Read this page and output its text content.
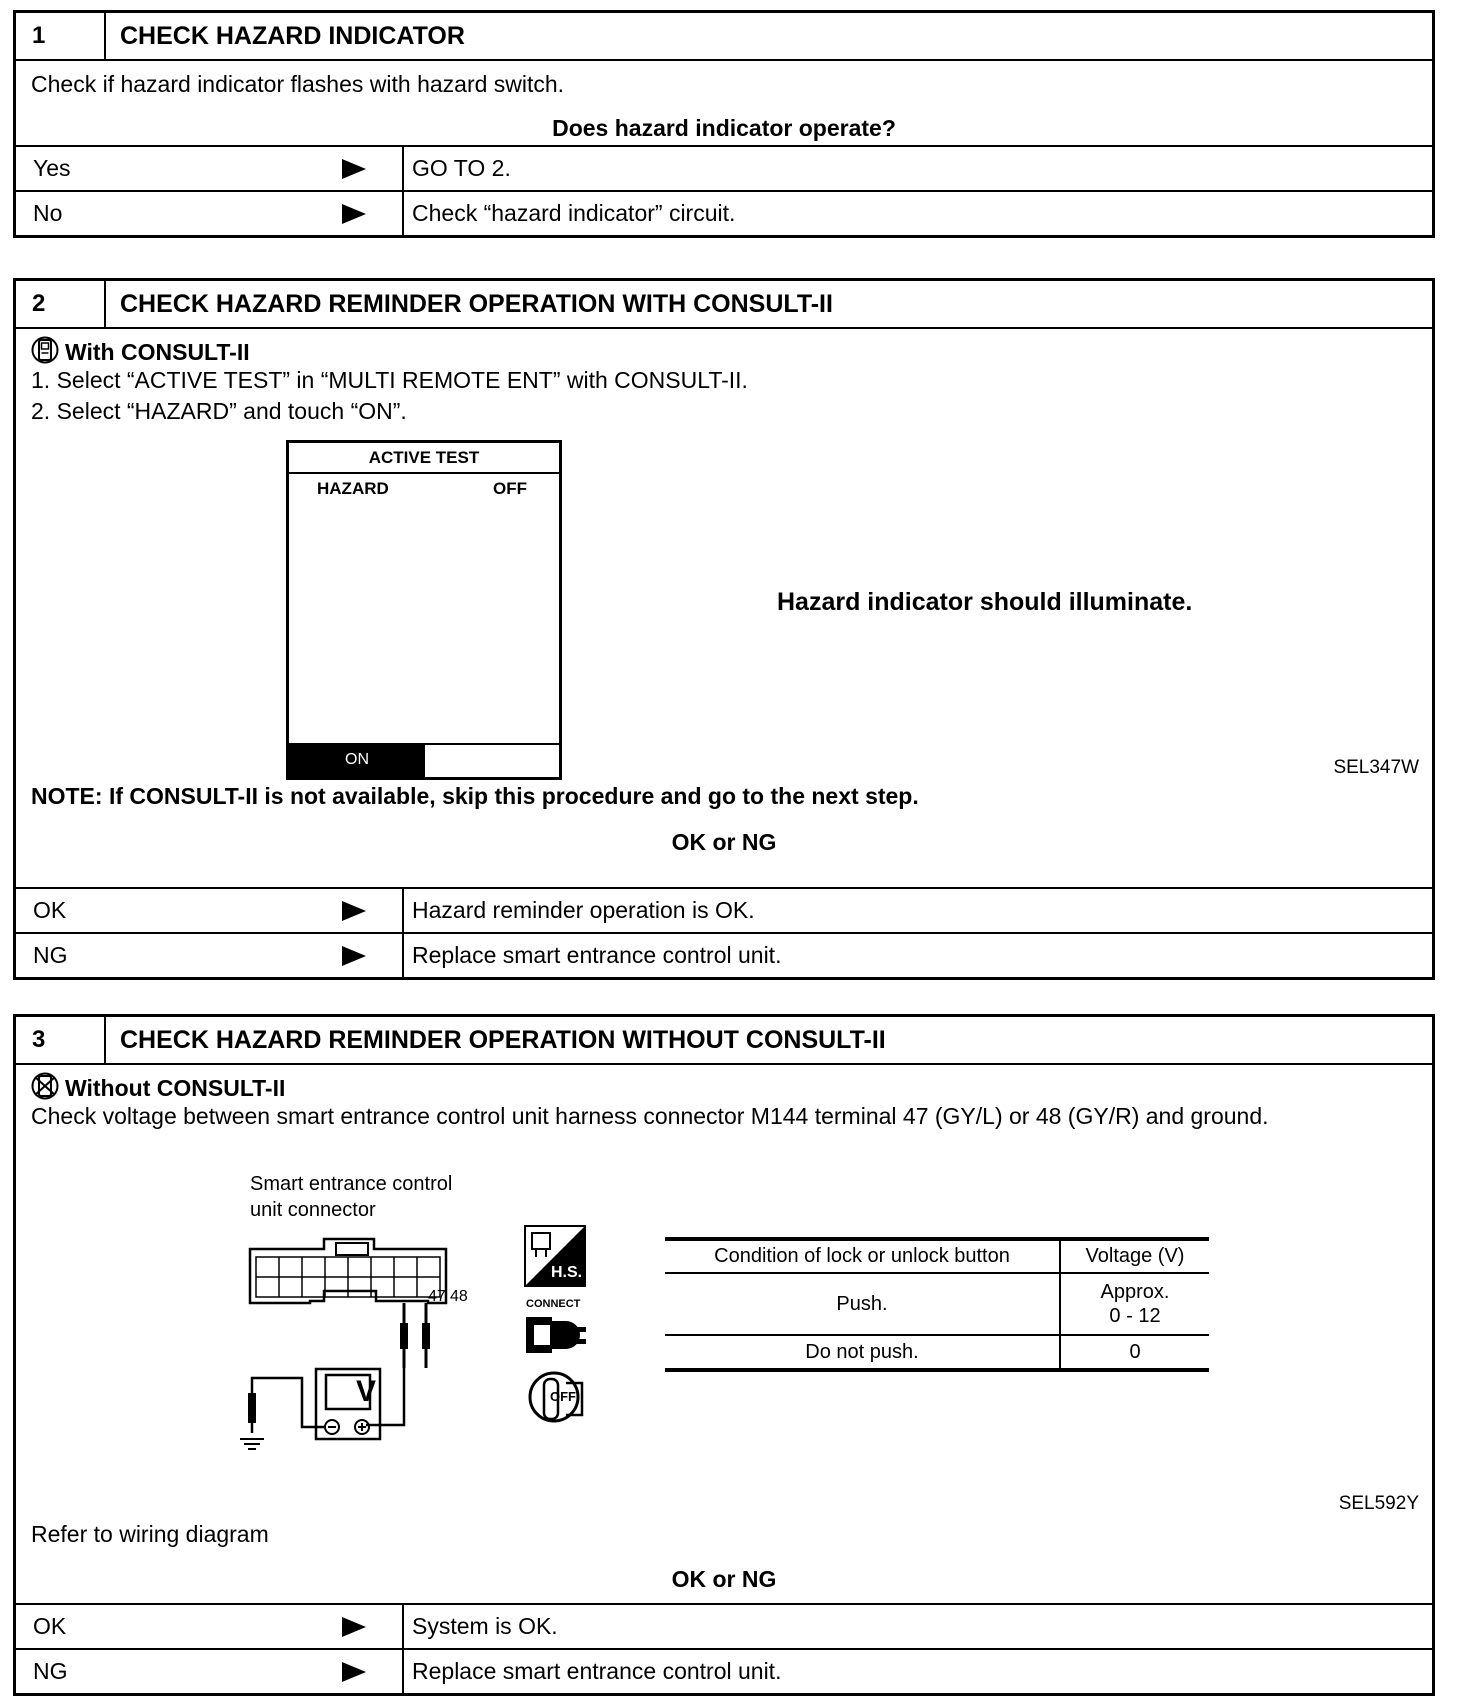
1	CHECK HAZARD INDICATOR
Check if hazard indicator flashes with hazard switch.
Does hazard indicator operate?
Yes	GO TO 2.
No	Check “hazard indicator” circuit.
2	CHECK HAZARD REMINDER OPERATION WITH CONSULT-II
With CONSULT-II
1. Select “ACTIVE TEST” in “MULTI REMOTE ENT” with CONSULT-II.
2. Select “HAZARD” and touch “ON”.
ACTIVE TEST
HAZARD	OFF
ON
Hazard indicator should illuminate.
SEL347W
NOTE: If CONSULT-II is not available, skip this procedure and go to the next step.
OK or NG
OK	Hazard reminder operation is OK.
NG	Replace smart entrance control unit.
3	CHECK HAZARD REMINDER OPERATION WITHOUT CONSULT-II
Without CONSULT-II
Check voltage between smart entrance control unit harness connector M144 terminal 47 (GY/L) or 48 (GY/R) and ground.
Smart entrance control
unit connector
47 48
V
H.S.
CONNECT
OFF
Condition of lock or unlock button	Voltage (V)
Push.	Approx.
0 - 12

Do not push.	0
SEL592Y
Refer to wiring diagram
OK or NG
OK	System is OK.
NG	Replace smart entrance control unit.
